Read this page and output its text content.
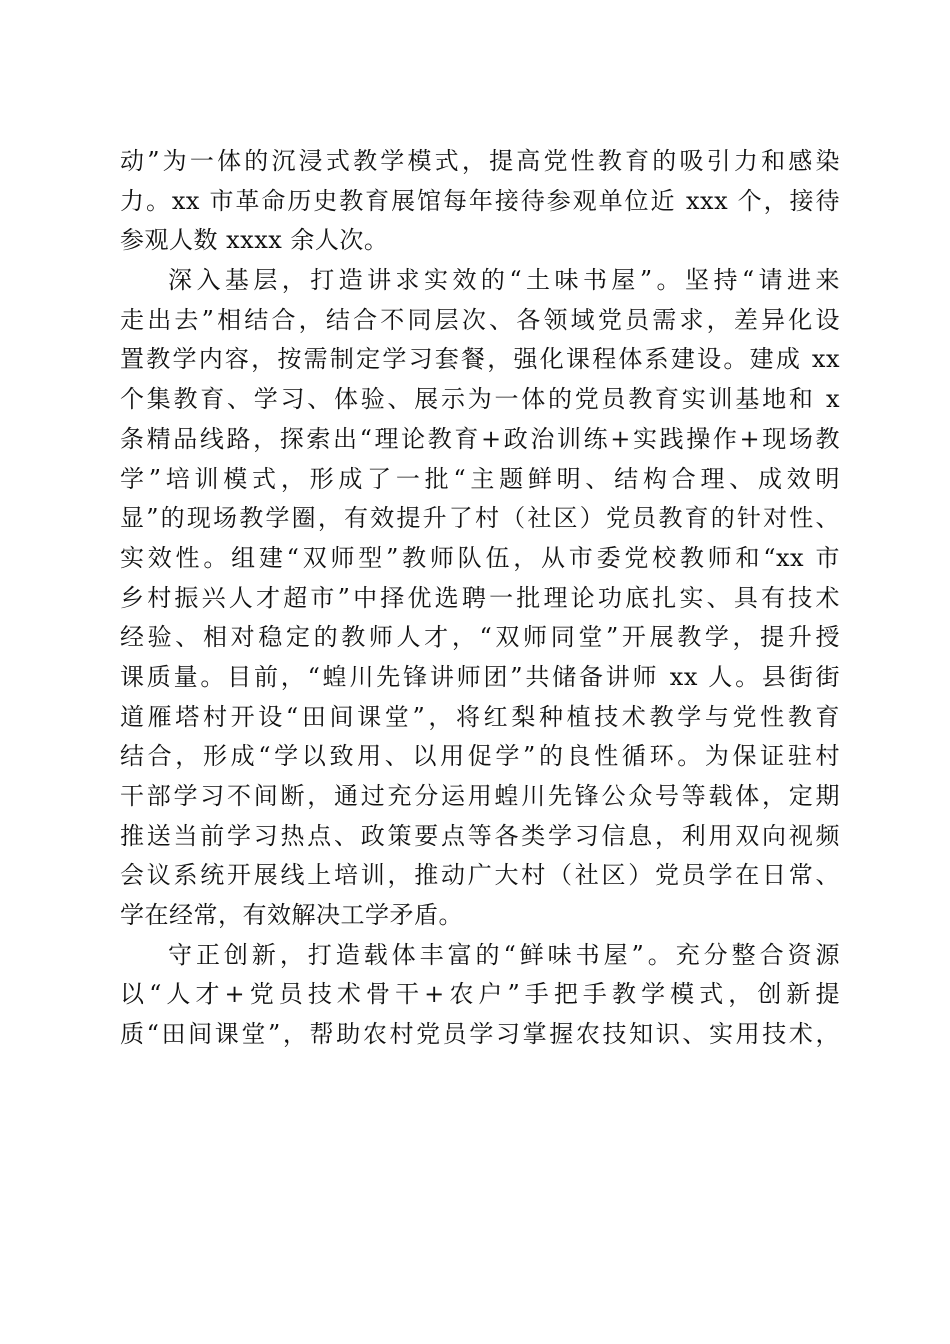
动”为一体的沉浸式教学模式，提高党性教育的吸引力和感染
力。xx 市革命历史教育展馆每年接待参观单位近 xxx 个，接待
参观人数 xxxx 余人次。
深入基层，打造讲求实效的“土味书屋”。坚持“请进来
走出去”相结合，结合不同层次、各领域党员需求，差异化设
置教学内容，按需制定学习套餐，强化课程体系建设。建成 xx
个集教育、学习、体验、展示为一体的党员教育实训基地和 x
条精品线路，探索出“理论教育+政治训练+实践操作+现场教
学”培训模式，形成了一批“主题鲜明、结构合理、成效明
显”的现场教学圈，有效提升了村（社区）党员教育的针对性、
实效性。组建“双师型”教师队伍，从市委党校教师和“xx 市
乡村振兴人才超市”中择优选聘一批理论功底扎实、具有技术
经验、相对稳定的教师人才，“双师同堂”开展教学，提升授
课质量。目前，“蝗川先锋讲师团”共储备讲师 xx 人。县街街
道雁塔村开设“田间课堂”，将红梨种植技术教学与党性教育
结合，形成“学以致用、以用促学”的良性循环。为保证驻村
干部学习不间断，通过充分运用蝗川先锋公众号等载体，定期
推送当前学习热点、政策要点等各类学习信息，利用双向视频
会议系统开展线上培训，推动广大村（社区）党员学在日常、
学在经常，有效解决工学矛盾。
守正创新，打造载体丰富的“鲜味书屋”。充分整合资源
以“人才+党员技术骨干+农户”手把手教学模式，创新提
质“田间课堂”，帮助农村党员学习掌握农技知识、实用技术，
